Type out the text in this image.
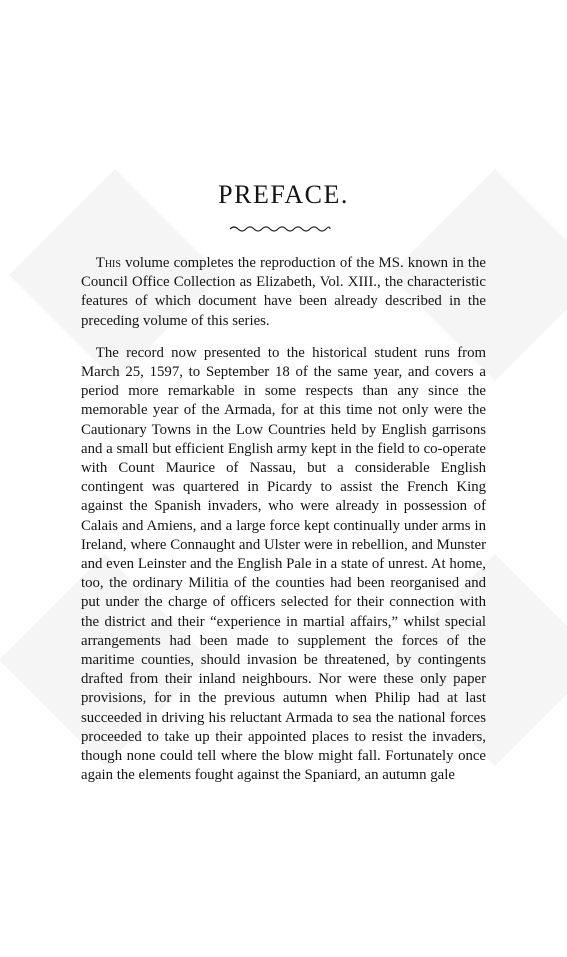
PREFACE.

This volume completes the reproduction of the MS. known in the Council Office Collection as Elizabeth, Vol. XIII., the characteristic features of which document have been already described in the preceding volume of this series.

The record now presented to the historical student runs from March 25, 1597, to September 18 of the same year, and covers a period more remarkable in some respects than any since the memorable year of the Armada, for at this time not only were the Cautionary Towns in the Low Countries held by English garrisons and a small but efficient English army kept in the field to co-operate with Count Maurice of Nassau, but a considerable English contingent was quartered in Picardy to assist the French King against the Spanish invaders, who were already in possession of Calais and Amiens, and a large force kept continually under arms in Ireland, where Connaught and Ulster were in rebellion, and Munster and even Leinster and the English Pale in a state of unrest. At home, too, the ordinary Militia of the counties had been reorganised and put under the charge of officers selected for their connection with the district and their “experience in martial affairs,” whilst special arrangements had been made to supplement the forces of the maritime counties, should invasion be threatened, by contingents drafted from their inland neighbours. Nor were these only paper provisions, for in the previous autumn when Philip had at last succeeded in driving his reluctant Armada to sea the national forces proceeded to take up their appointed places to resist the invaders, though none could tell where the blow might fall. Fortunately once again the elements fought against the Spaniard, an autumn gale
